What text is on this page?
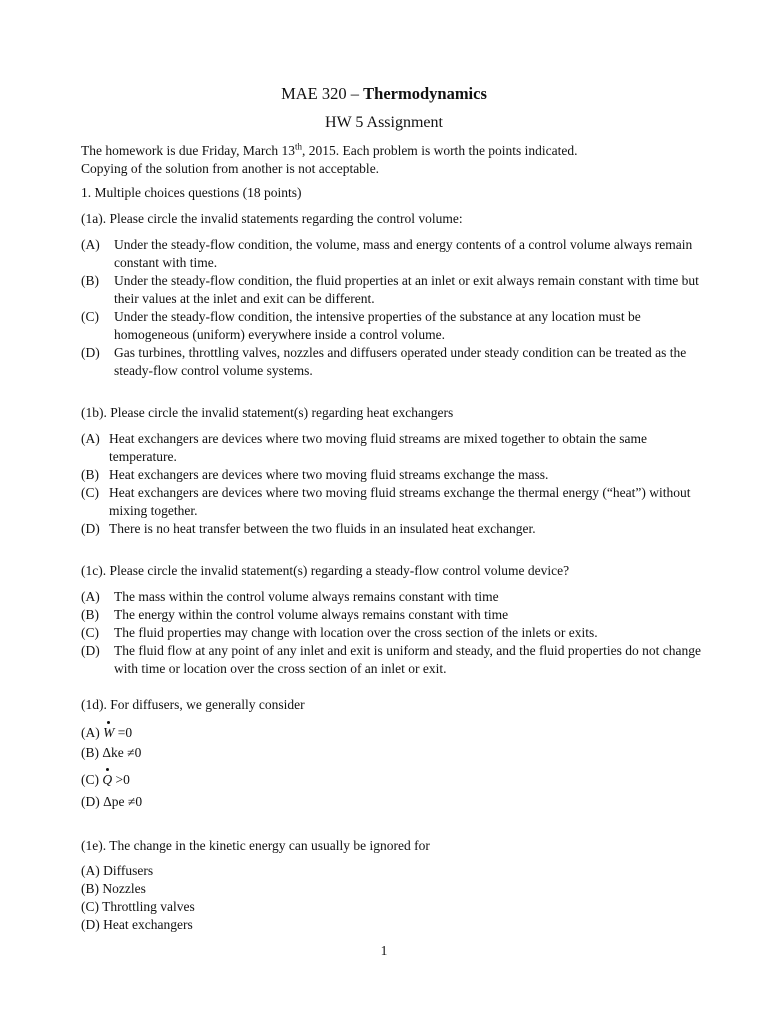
MAE 320 – Thermodynamics
HW 5 Assignment
The homework is due Friday, March 13th, 2015. Each problem is worth the points indicated.
Copying of the solution from another is not acceptable.
1. Multiple choices questions (18 points)
(1a). Please circle the invalid statements regarding the control volume:
(A) Under the steady-flow condition, the volume, mass and energy contents of a control volume always remain constant with time.
(B) Under the steady-flow condition, the fluid properties at an inlet or exit always remain constant with time but their values at the inlet and exit can be different.
(C) Under the steady-flow condition, the intensive properties of the substance at any location must be homogeneous (uniform) everywhere inside a control volume.
(D) Gas turbines, throttling valves, nozzles and diffusers operated under steady condition can be treated as the steady-flow control volume systems.
(1b). Please circle the invalid statement(s) regarding heat exchangers
(A) Heat exchangers are devices where two moving fluid streams are mixed together to obtain the same temperature.
(B) Heat exchangers are devices where two moving fluid streams exchange the mass.
(C) Heat exchangers are devices where two moving fluid streams exchange the thermal energy (“heat”) without mixing together.
(D) There is no heat transfer between the two fluids in an insulated heat exchanger.
(1c). Please circle the invalid statement(s) regarding a steady-flow control volume device?
(A) The mass within the control volume always remains constant with time
(B) The energy within the control volume always remains constant with time
(C) The fluid properties may change with location over the cross section of the inlets or exits.
(D) The fluid flow at any point of any inlet and exit is uniform and steady, and the fluid properties do not change with time or location over the cross section of an inlet or exit.
(1d). For diffusers, we generally consider
(A) W =0
(B) Δke ≠0
(C) Q >0
(D) Δpe ≠0
(1e). The change in the kinetic energy can usually be ignored for
(A) Diffusers
(B) Nozzles
(C) Throttling valves
(D) Heat exchangers
1
